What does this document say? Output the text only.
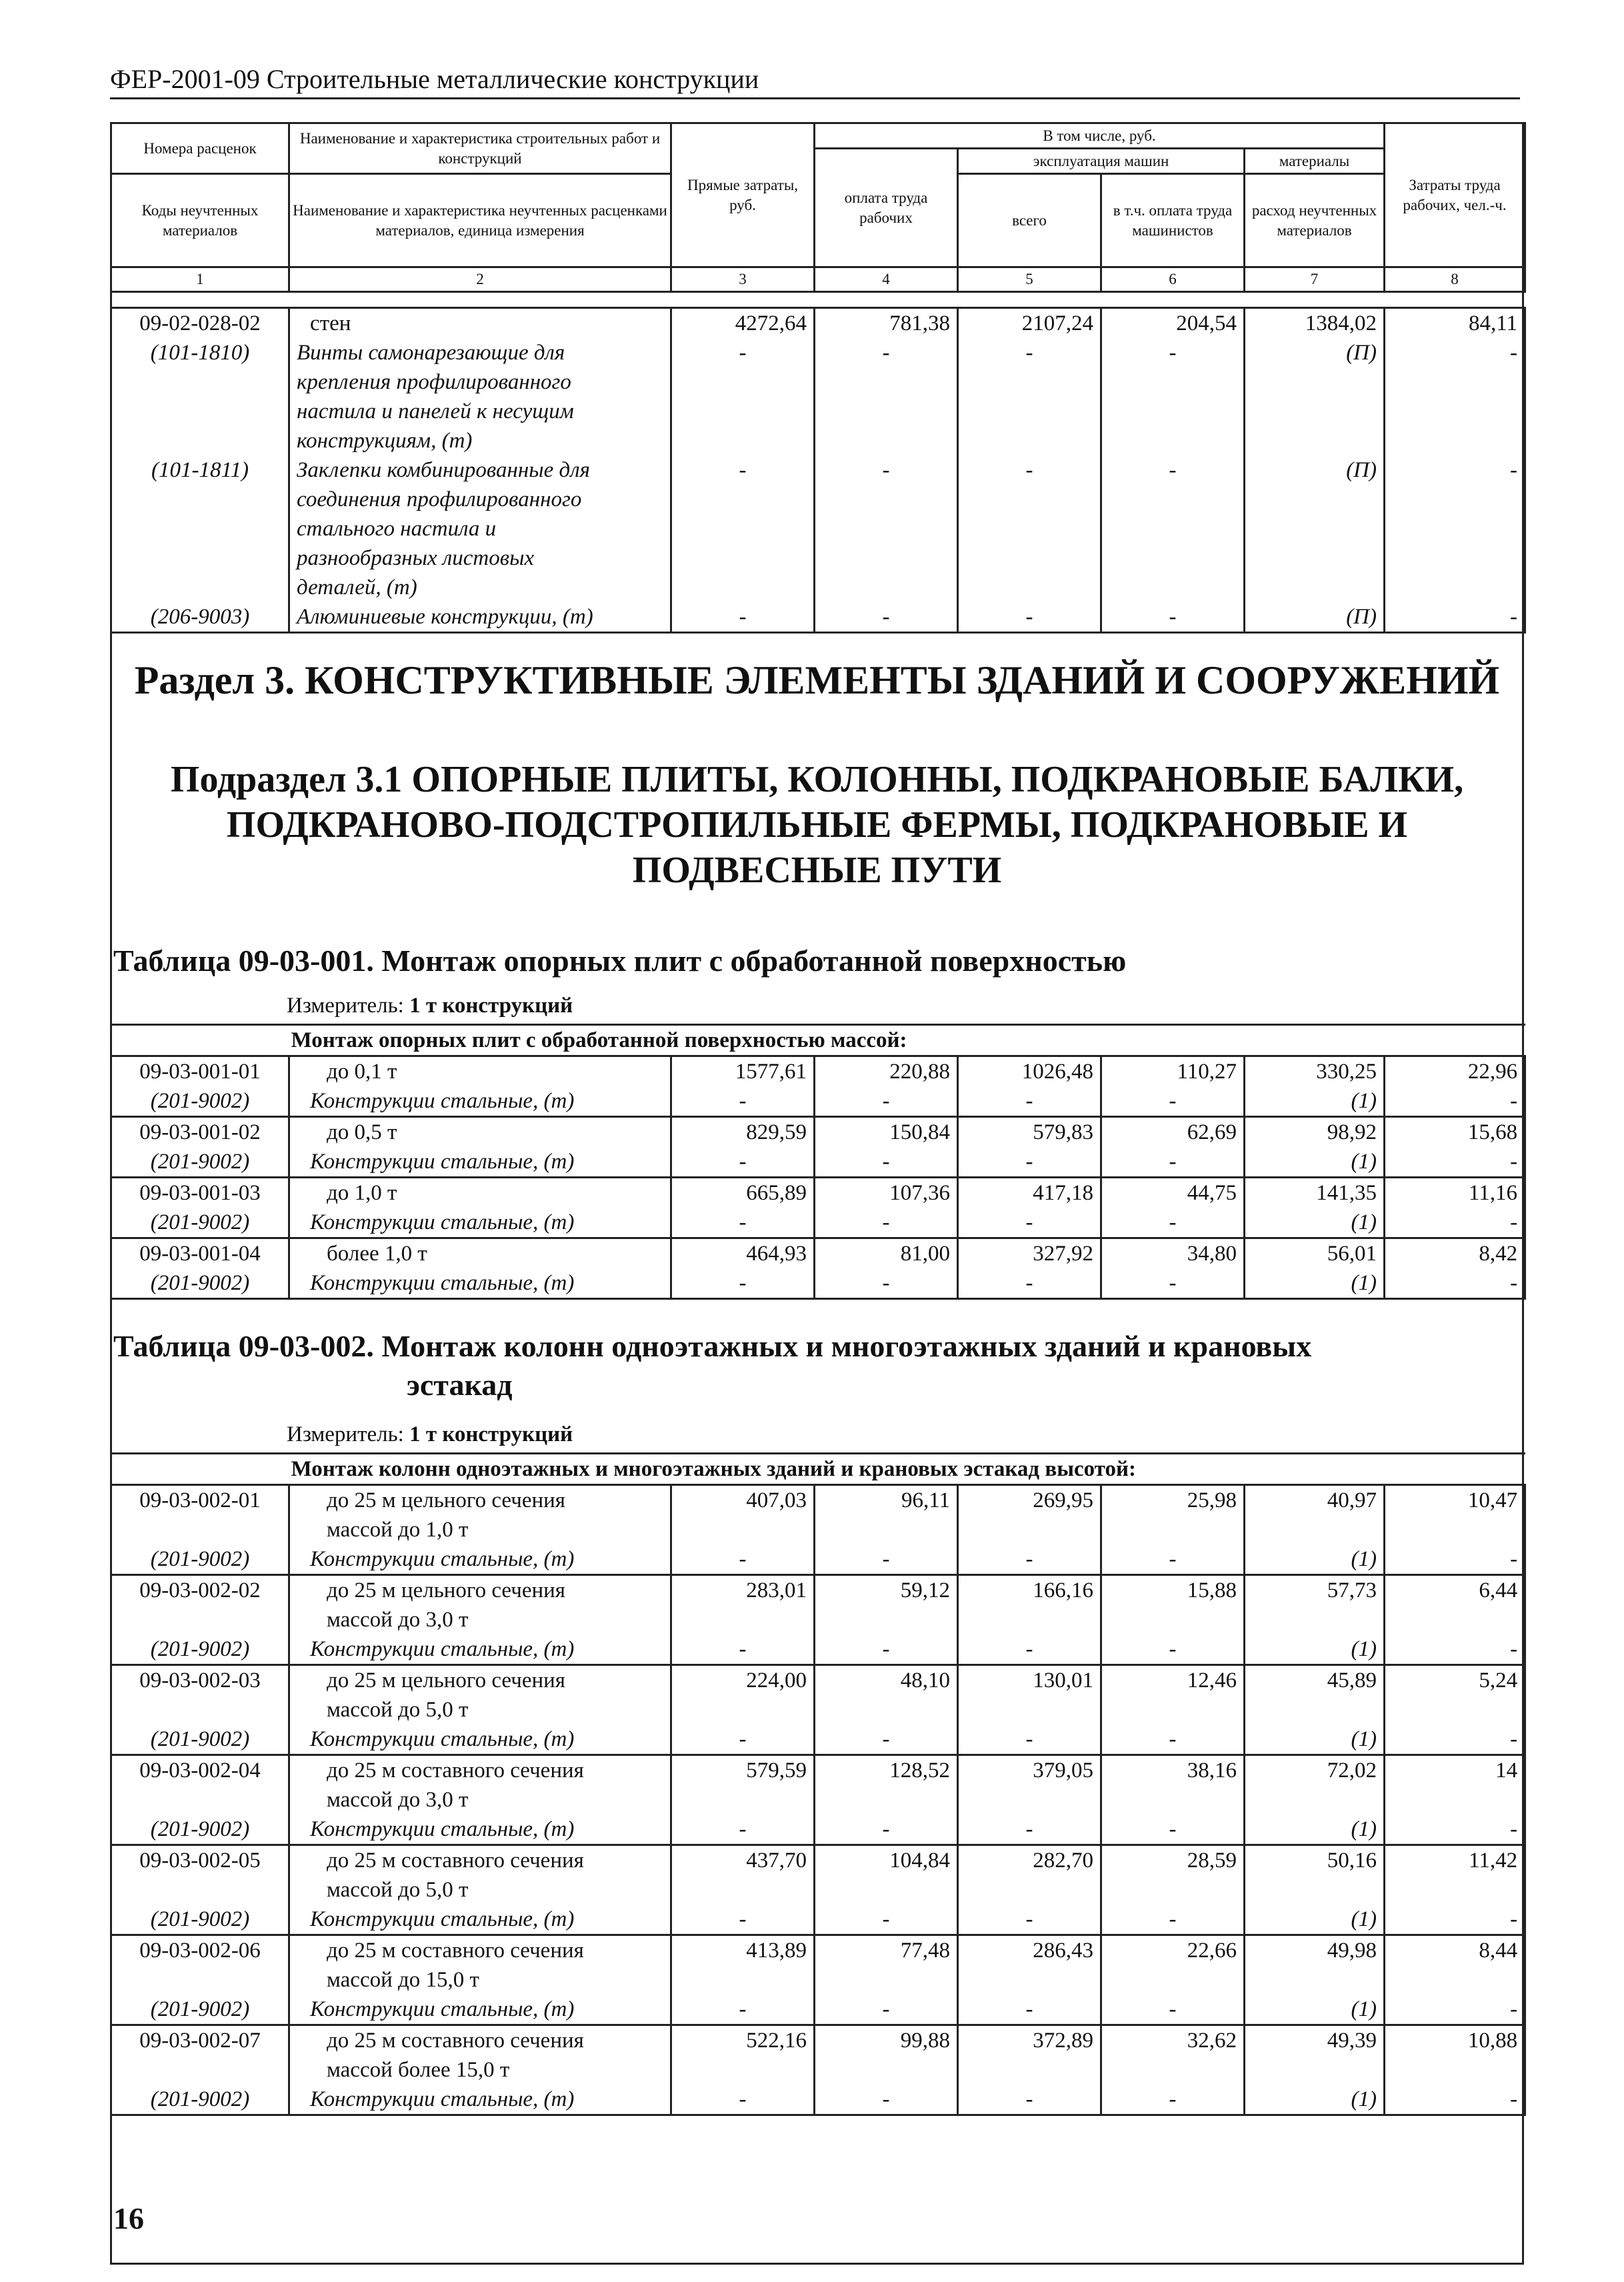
ФЕР-2001-09 Строительные металлические конструкции
Номера расценок	Наименование и характеристика строительных работ и конструкций	Прямые затраты, руб.	В том числе, руб.				Затраты труда рабочих, чел.-ч.
			оплата труда рабочих	эксплуатация машин		материалы	
Коды неучтенных материалов	Наименование и характеристика неучтенных расценками материалов, единица измерения			всего	в т.ч. оплата труда машинистов	расход неучтенных материалов	

1	2	3	4	5	6	7	8
09-02-028-02	стен	4272,64	781,38	2107,24	204,54	1384,02	84,11
(101-1810)	Винты самонарезающие для
крепления профилированного
настила и панелей к несущим
конструкциям, (т)	-	-	-	-	(П)	-
(101-1811)	Заклепки комбинированные для
соединения профилированного
стального настила и
разнообразных листовых
деталей, (т)	-	-	-	-	(П)	-
(206-9003)	Алюминиевые конструкции, (т)	-	-	-	-	(П)	-
Раздел 3. КОНСТРУКТИВНЫЕ ЭЛЕМЕНТЫ ЗДАНИЙ И СООРУЖЕНИЙ
Подраздел 3.1 ОПОРНЫЕ ПЛИТЫ, КОЛОННЫ, ПОДКРАНОВЫЕ БАЛКИ,
ПОДКРАНОВО-ПОДСТРОПИЛЬНЫЕ ФЕРМЫ, ПОДКРАНОВЫЕ И
ПОДВЕСНЫЕ ПУТИ
Таблица 09-03-001. Монтаж опорных плит с обработанной поверхностью
Измеритель: 1 т конструкций
Монтаж опорных плит с обработанной поверхностью массой:							
09-03-001-01	до 0,1 т	1577,61	220,88	1026,48	110,27	330,25	22,96
(201-9002)	Конструкции стальные, (т)	-	-	-	-	(1)	-
09-03-001-02	до 0,5 т	829,59	150,84	579,83	62,69	98,92	15,68
(201-9002)	Конструкции стальные, (т)	-	-	-	-	(1)	-
09-03-001-03	до 1,0 т	665,89	107,36	417,18	44,75	141,35	11,16
(201-9002)	Конструкции стальные, (т)	-	-	-	-	(1)	-
09-03-001-04	более 1,0 т	464,93	81,00	327,92	34,80	56,01	8,42
(201-9002)	Конструкции стальные, (т)	-	-	-	-	(1)	-
Таблица 09-03-002. Монтаж колонн одноэтажных и многоэтажных зданий и крановых
эстакад
Измеритель: 1 т конструкций
Монтаж колонн одноэтажных и многоэтажных зданий и крановых эстакад высотой:							
09-03-002-01	до 25 м цельного сечения
массой до 1,0 т	407,03	96,11	269,95	25,98	40,97	10,47
(201-9002)	Конструкции стальные, (т)	-	-	-	-	(1)	-
09-03-002-02	до 25 м цельного сечения
массой до 3,0 т	283,01	59,12	166,16	15,88	57,73	6,44
(201-9002)	Конструкции стальные, (т)	-	-	-	-	(1)	-
09-03-002-03	до 25 м цельного сечения
массой до 5,0 т	224,00	48,10	130,01	12,46	45,89	5,24
(201-9002)	Конструкции стальные, (т)	-	-	-	-	(1)	-
09-03-002-04	до 25 м составного сечения
массой до 3,0 т	579,59	128,52	379,05	38,16	72,02	14
(201-9002)	Конструкции стальные, (т)	-	-	-	-	(1)	-
09-03-002-05	до 25 м составного сечения
массой до 5,0 т	437,70	104,84	282,70	28,59	50,16	11,42
(201-9002)	Конструкции стальные, (т)	-	-	-	-	(1)	-
09-03-002-06	до 25 м составного сечения
массой до 15,0 т	413,89	77,48	286,43	22,66	49,98	8,44
(201-9002)	Конструкции стальные, (т)	-	-	-	-	(1)	-
09-03-002-07	до 25 м составного сечения
массой более 15,0 т	522,16	99,88	372,89	32,62	49,39	10,88
(201-9002)	Конструкции стальные, (т)	-	-	-	-	(1)	-
16
